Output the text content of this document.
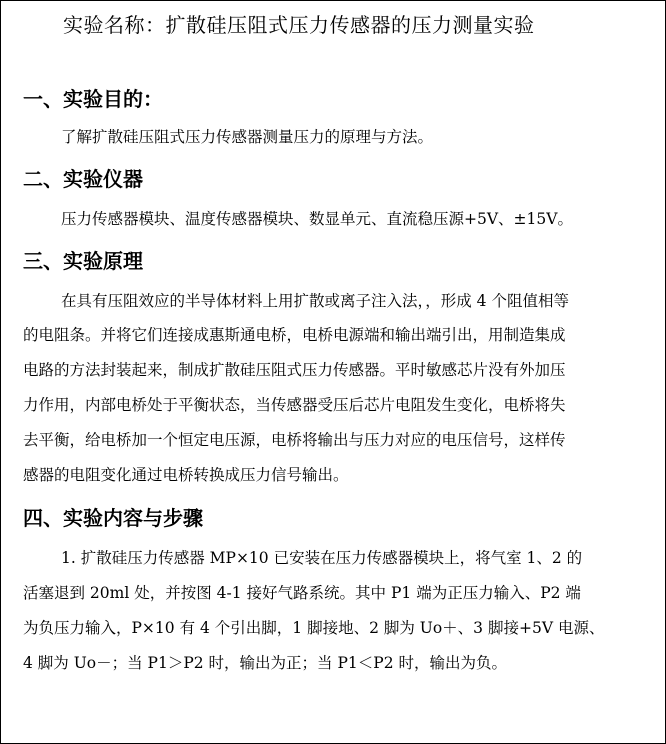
实验名称：扩散硅压阻式压力传感器的压力测量实验
一、实验目的：
了解扩散硅压阻式压力传感器测量压力的原理与方法。
二、实验仪器
压力传感器模块、温度传感器模块、数显单元、直流稳压源+5V、±15V。
三、实验原理
在具有压阻效应的半导体材料上用扩散或离子注入法，，形成 4 个阻值相等
的电阻条。并将它们连接成惠斯通电桥，电桥电源端和输出端引出，用制造集成
电路的方法封装起来，制成扩散硅压阻式压力传感器。平时敏感芯片没有外加压
力作用，内部电桥处于平衡状态，当传感器受压后芯片电阻发生变化，电桥将失
去平衡，给电桥加一个恒定电压源，电桥将输出与压力对应的电压信号，这样传
感器的电阻变化通过电桥转换成压力信号输出。
四、实验内容与步骤
1. 扩散硅压力传感器 MP×10 已安装在压力传感器模块上，将气室 1、2 的
活塞退到 20ml 处，并按图 4-1 接好气路系统。其中 P1 端为正压力输入、P2 端
为负压力输入，P×10 有 4 个引出脚，1 脚接地、2 脚为 Uo＋、3 脚接+5V 电源、
4 脚为 Uo－；当 P1＞P2 时，输出为正；当 P1＜P2 时，输出为负。
